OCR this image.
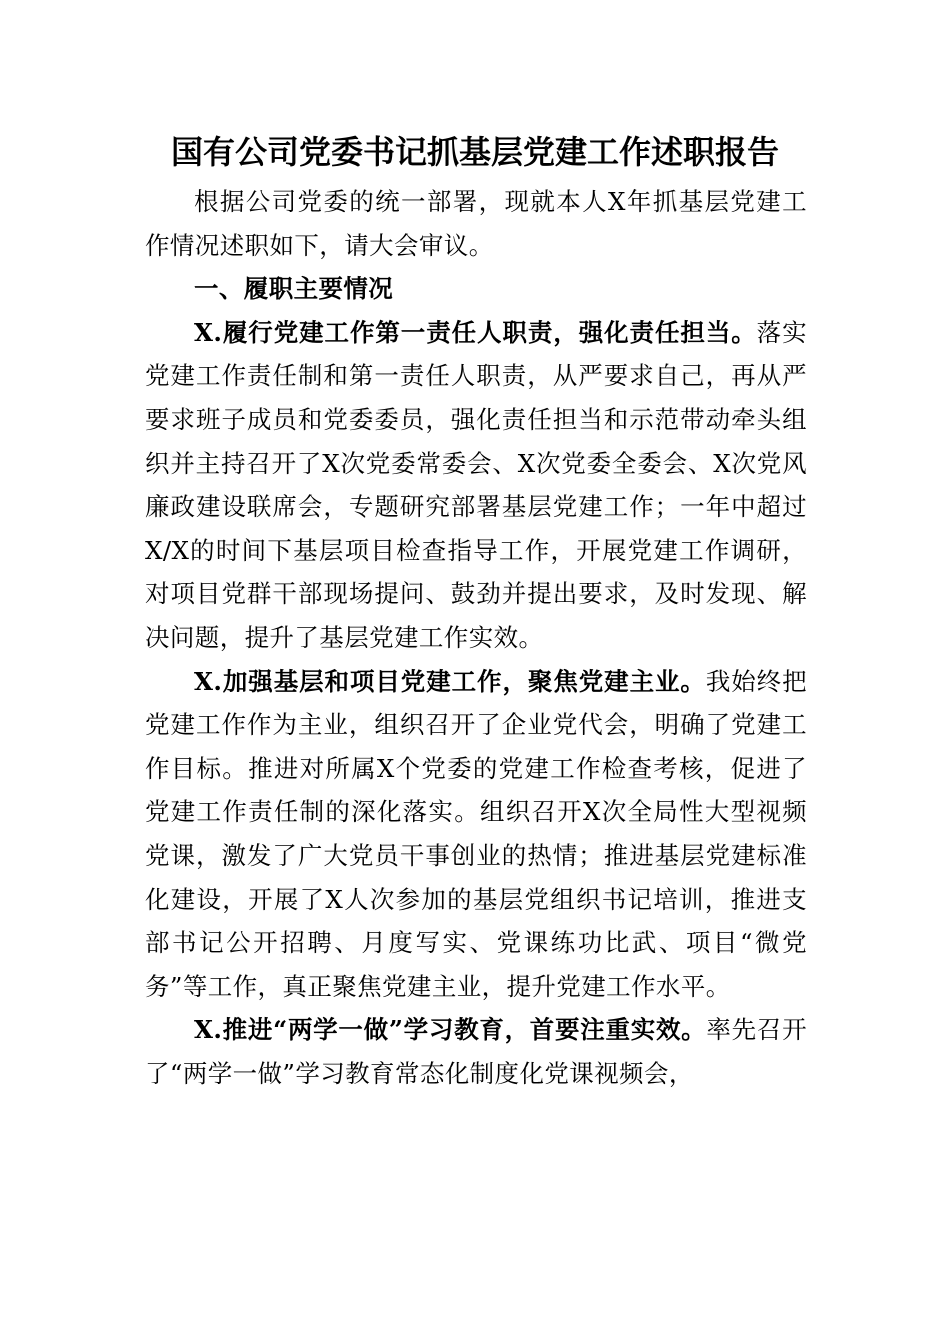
国有公司党委书记抓基层党建工作述职报告

根据公司党委的统一部署，现就本人X年抓基层党建工作情况述职如下，请大会审议。

一、履职主要情况

X.履行党建工作第一责任人职责，强化责任担当。落实党建工作责任制和第一责任人职责，从严要求自己，再从严要求班子成员和党委委员，强化责任担当和示范带动牵头组织并主持召开了X次党委常委会、X次党委全委会、X次党风廉政建设联席会，专题研究部署基层党建工作；一年中超过X/X的时间下基层项目检查指导工作，开展党建工作调研，对项目党群干部现场提问、鼓劲并提出要求，及时发现、解决问题，提升了基层党建工作实效。

X.加强基层和项目党建工作，聚焦党建主业。我始终把党建工作作为主业，组织召开了企业党代会，明确了党建工作目标。推进对所属X个党委的党建工作检查考核，促进了党建工作责任制的深化落实。组织召开X次全局性大型视频党课，激发了广大党员干事创业的热情；推进基层党建标准化建设，开展了X人次参加的基层党组织书记培训，推进支部书记公开招聘、月度写实、党课练功比武、项目“微党务”等工作，真正聚焦党建主业，提升党建工作水平。

X.推进“两学一做”学习教育，首要注重实效。率先召开了“两学一做”学习教育常态化制度化党课视频会，
